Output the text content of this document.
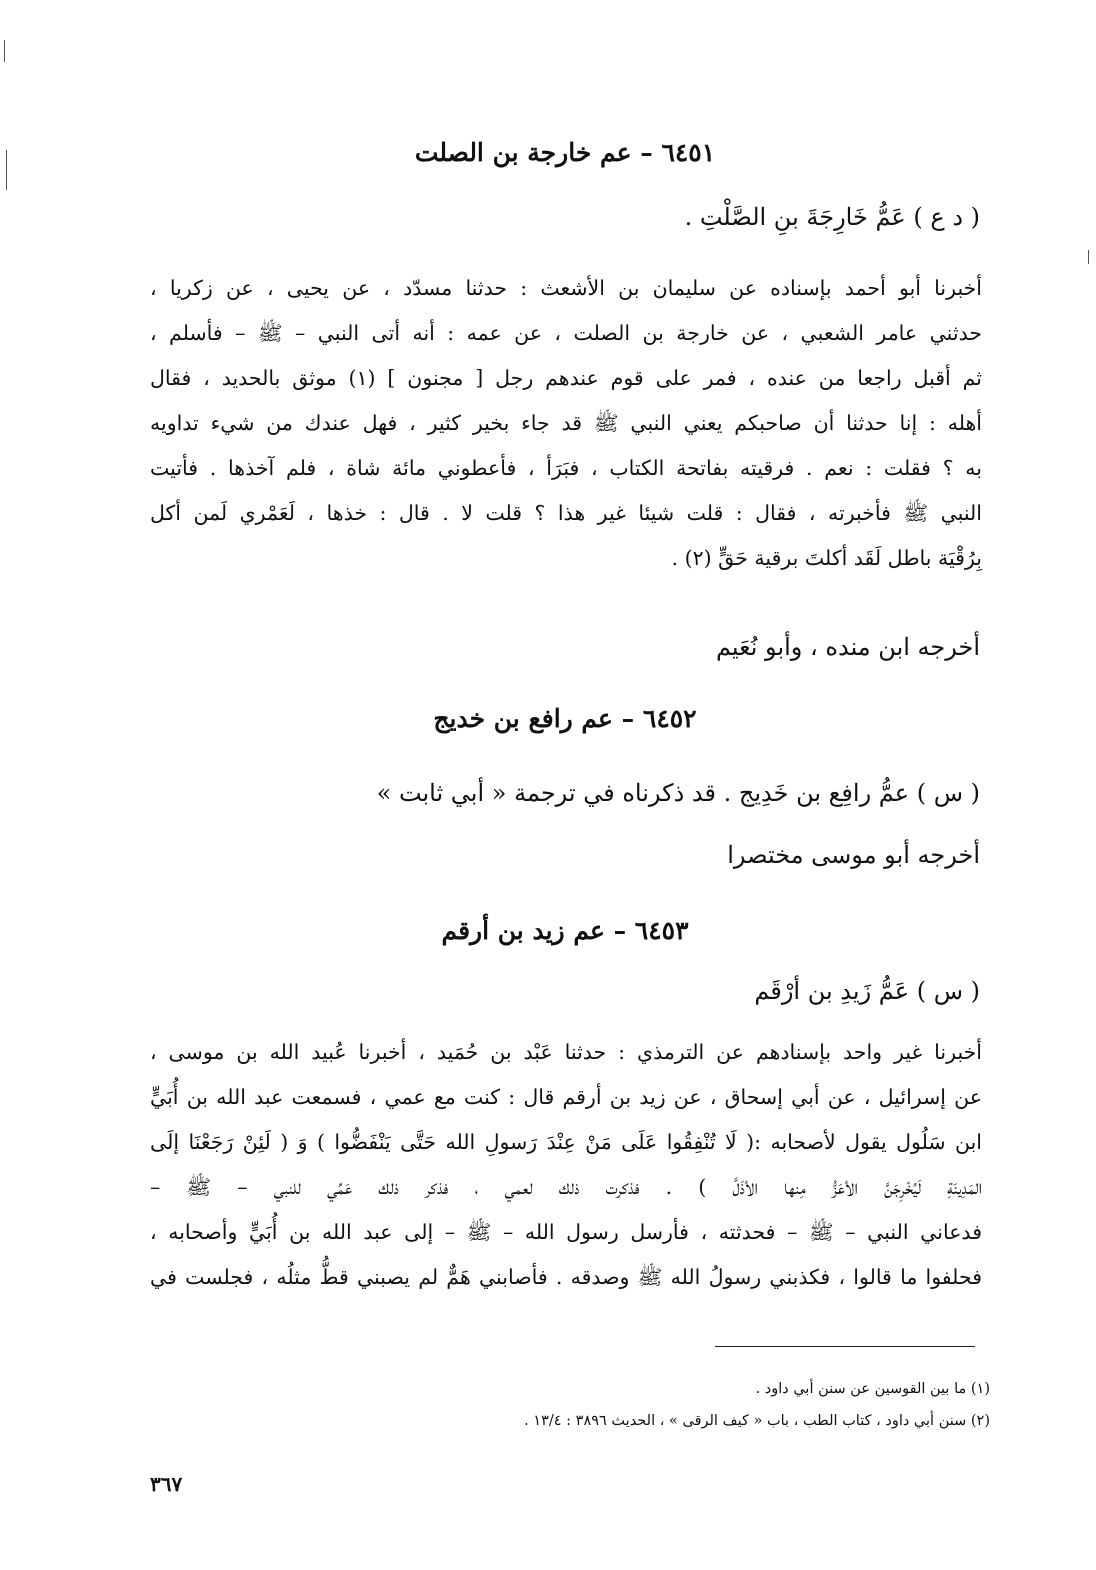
٦٤٥١ – عم خارجة بن الصلت
( د ع ) عَمُّ خَارِجَةَ بنِ الصَّلْتِ .
أخبرنا أبو أحمد بإسناده عن سليمان بن الأشعث : حدثنا مسدّد ، عن يحيى ، عن زكريا ،
حدثني عامر الشعبي ، عن خارجة بن الصلت ، عن عمه : أنه أتى النبي – ﷺ – فأسلم ،
ثم أقبل راجعا من عنده ، فمر على قوم عندهم رجل [ مجنون ] (١) موثق بالحديد ، فقال
أهله : إنا حدثنا أن صاحبكم يعني النبي ﷺ قد جاء بخير كثير ، فهل عندك من شيء تداويه
به ؟ فقلت : نعم . فرقيته بفاتحة الكتاب ، فبَرَأ ، فأعطوني مائة شاة ، فلم آخذها . فأتيت
النبي ﷺ فأخبرته ، فقال : قلت شيئا غير هذا ؟ قلت لا . قال : خذها ، لَعَمْري لَمن أكل
بِرُقْيَة باطل لَقَد أكلتَ برقية حَقٍّ (٢) .
أخرجه ابن منده ، وأبو نُعَيم
٦٤٥٢ – عم رافع بن خديج
( س ) عمُّ رافِع بن خَدِيج . قد ذكرناه في ترجمة « أبي ثابت »
أخرجه أبو موسى مختصرا
٦٤٥٣ – عم زيد بن أرقم
( س ) عَمُّ زَيدِ بن أرْقَم
أخبرنا غير واحد بإسنادهم عن الترمذي : حدثنا عَبْد بن حُمَيد ، أخبرنا عُبيد الله بن موسى ،
عن إسرائيل ، عن أبي إسحاق ، عن زيد بن أرقم قال : كنت مع عمي ، فسمعت عبد الله بن أُبَيٍّ
ابن سَلُول يقول لأصحابه :( لَا تُنْفِقُوا عَلَى مَنْ عِنْدَ رَسولِ الله حَتَّى يَنْفَضُّوا ) وَ ( لَئِنْ رَجَعْنَا إلَى
المَدِينَةِ لَيُخْرِجَنَّ الأعَزُّ مِنها الأذَلَّ ) . فذكرت ذلك لعمي ، فذكر ذلك عَمِّي للنبي – ﷺ –
فدعاني النبي – ﷺ – فحدثته ، فأرسل رسول الله – ﷺ – إلى عبد الله بن أُبَيٍّ وأصحابه ،
فحلفوا ما قالوا ، فكذبني رسولُ الله ﷺ وصدقه . فأصابني هَمٌّ لم يصبني قطُّ مثلُه ، فجلست في
(١) ما بين القوسين عن سنن أبي داود .
(٢) سنن أبي داود ، كتاب الطب ، باب « كيف الرقى » ، الحديث ٣٨٩٦ : ١٣/٤ .
٣٦٧
